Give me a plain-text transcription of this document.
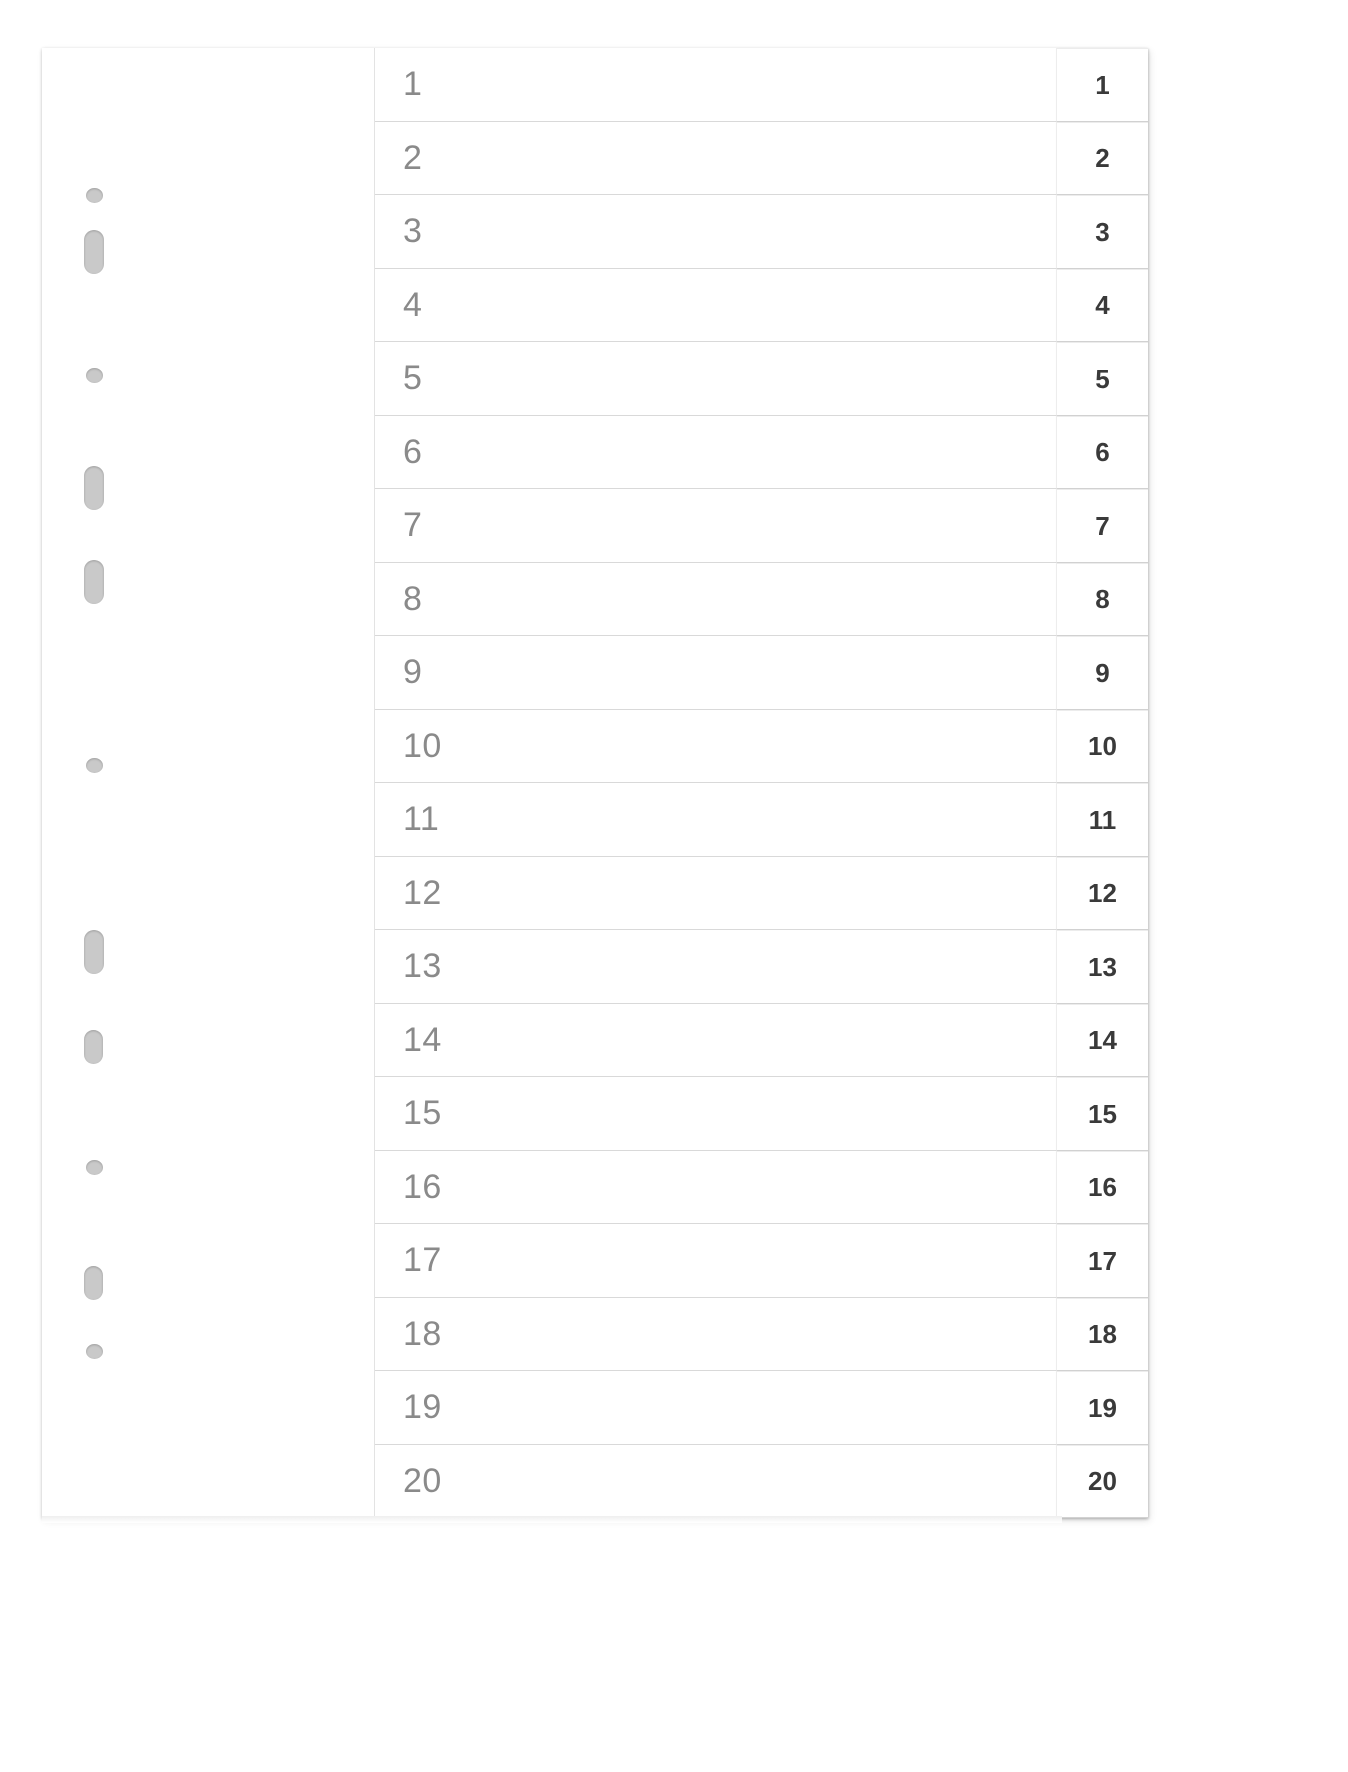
1
2
3
4
5
6
7
8
9
10
11
12
13
14
15
16
17
18
19
20
1
2
3
4
5
6
7
8
9
10
11
12
13
14
15
16
17
18
19
20
